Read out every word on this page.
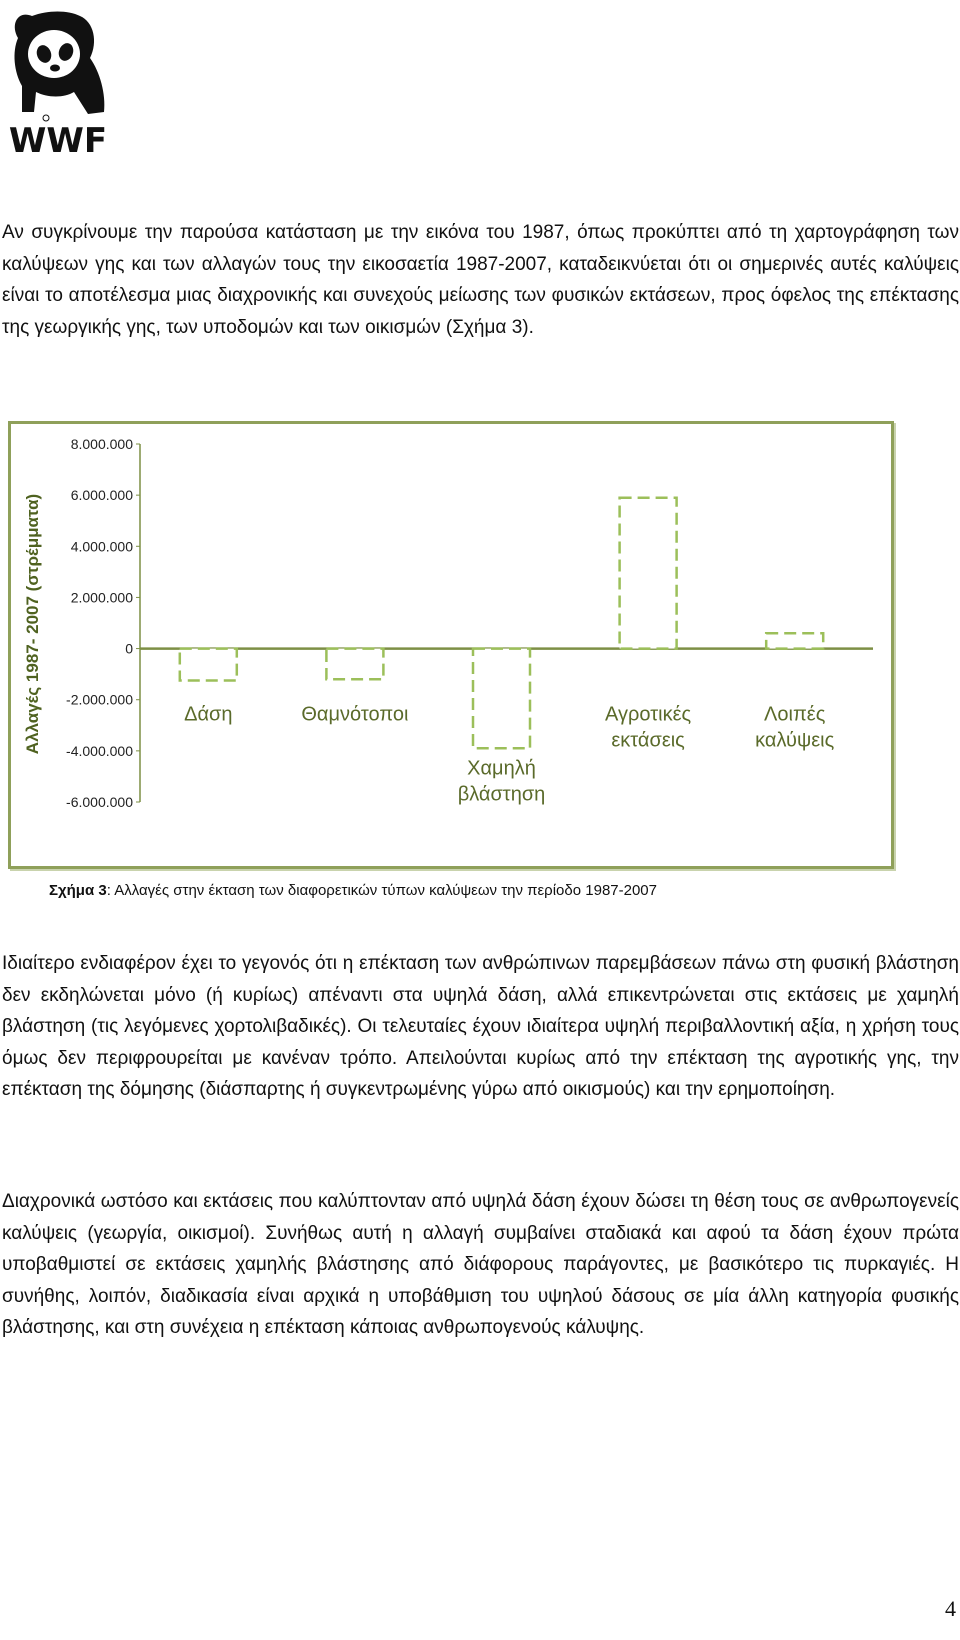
WWF

Αν συγκρίνουμε την παρούσα κατάσταση με την εικόνα του 1987, όπως προκύπτει από τη χαρτογράφηση των καλύψεων γης και των αλλαγών τους την εικοσαετία 1987-2007, καταδεικνύεται ότι οι σημερινές αυτές καλύψεις είναι το αποτέλεσμα μιας διαχρονικής και συνεχούς μείωσης των φυσικών εκτάσεων, προς όφελος της επέκτασης της γεωργικής γης, των υποδομών και των οικισμών (Σχήμα 3).

Αλλαγές 1987- 2007 (στρέμματα)
8.000.000
6.000.000
4.000.000
2.000.000
0
-2.000.000
-4.000.000
-6.000.000
Δάση	Θαμνότοποι
Χαμηλή βλάστηση
Αγροτικές εκτάσεις
Λοιπές καλύψεις

Σχήμα 3: Αλλαγές στην έκταση των διαφορετικών τύπων καλύψεων την περίοδο 1987-2007

Ιδιαίτερο ενδιαφέρον έχει το γεγονός ότι η επέκταση των ανθρώπινων παρεμβάσεων πάνω στη φυσική βλάστηση δεν εκδηλώνεται μόνο (ή κυρίως) απέναντι στα υψηλά δάση, αλλά επικεντρώνεται στις εκτάσεις με χαμηλή βλάστηση (τις λεγόμενες χορτολιβαδικές). Οι τελευταίες έχουν ιδιαίτερα υψηλή περιβαλλοντική αξία, η χρήση τους όμως δεν περιφρουρείται με κανέναν τρόπο. Απειλούνται κυρίως από την επέκταση της αγροτικής γης, την επέκταση της δόμησης (διάσπαρτης ή συγκεντρωμένης γύρω από οικισμούς) και την ερημοποίηση.

Διαχρονικά ωστόσο και εκτάσεις που καλύπτονταν από υψηλά δάση έχουν δώσει τη θέση τους σε ανθρωπογενείς καλύψεις (γεωργία, οικισμοί). Συνήθως αυτή η αλλαγή συμβαίνει σταδιακά και αφού τα δάση έχουν πρώτα υποβαθμιστεί σε εκτάσεις χαμηλής βλάστησης από διάφορους παράγοντες, με βασικότερο τις πυρκαγιές. Η συνήθης, λοιπόν, διαδικασία είναι αρχικά η υποβάθμιση του υψηλού δάσους σε μία άλλη κατηγορία φυσικής βλάστησης, και στη συνέχεια η επέκταση κάποιας ανθρωπογενούς κάλυψης.

4
